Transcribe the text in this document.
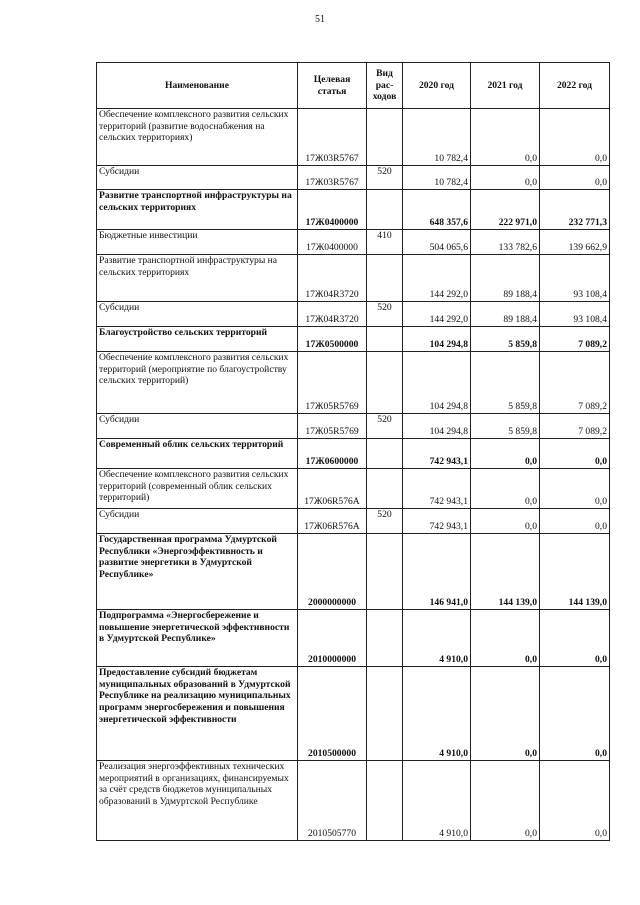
51
Наименование	Целевая статья	Вид рас-ходов	2020 год	2021 год	2022 год
Обеспечение комплексного развития сельских территорий (развитие водоснабжения на сельских территориях)	17Ж03R5767		10 782,4	0,0	0,0
Субсидии	17Ж03R5767	520	10 782,4	0,0	0,0
Развитие транспортной инфраструктуры на сельских территориях	17Ж0400000		648 357,6	222 971,0	232 771,3
Бюджетные инвестиции	17Ж0400000	410	504 065,6	133 782,6	139 662,9
Развитие транспортной инфраструктуры на сельских территориях	17Ж04R3720		144 292,0	89 188,4	93 108,4
Субсидии	17Ж04R3720	520	144 292,0	89 188,4	93 108,4
Благоустройство сельских территорий	17Ж0500000		104 294,8	5 859,8	7 089,2
Обеспечение комплексного развития сельских территорий (мероприятие по благоустройству сельских территорий)	17Ж05R5769		104 294,8	5 859,8	7 089,2
Субсидии	17Ж05R5769	520	104 294,8	5 859,8	7 089,2
Современный облик сельских территорий	17Ж0600000		742 943,1	0,0	0,0
Обеспечение комплексного развития сельских территорий (современный облик сельских территорий)	17Ж06R576A		742 943,1	0,0	0,0
Субсидии	17Ж06R576A	520	742 943,1	0,0	0,0
Государственная программа Удмуртской Республики «Энергоэффективность и развитие энергетики в Удмуртской Республике»	2000000000		146 941,0	144 139,0	144 139,0
Подпрограмма «Энергосбережение и повышение энергетической эффективности в Удмуртской Республике»	2010000000		4 910,0	0,0	0,0
Предоставление субсидий бюджетам муниципальных образований в Удмуртской Республике на реализацию муниципальных программ энергосбережения и повышения энергетической эффективности	2010500000		4 910,0	0,0	0,0
Реализация энергоэффективных технических мероприятий в организациях, финансируемых за счёт средств бюджетов муниципальных образований в Удмуртской Республике	2010505770		4 910,0	0,0	0,0
